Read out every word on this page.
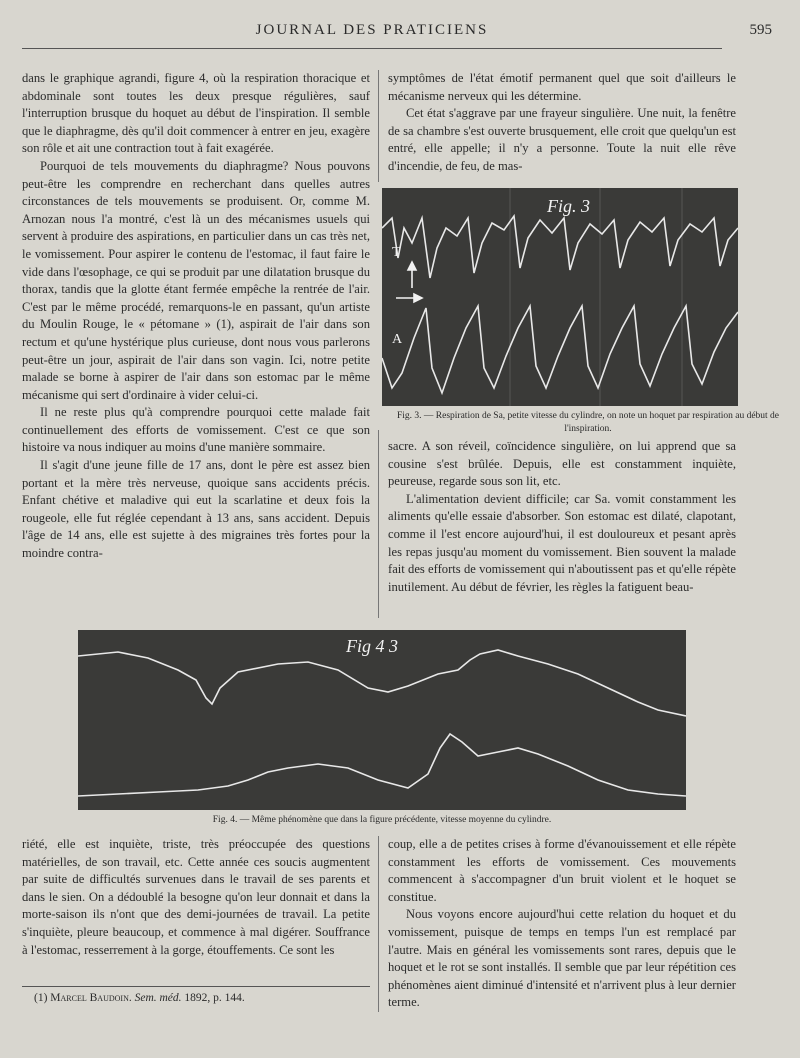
JOURNAL DES PRATICIENS	595

dans le graphique agrandi, figure 4, où la respiration thoracique et abdominale sont toutes les deux presque régulières, sauf l'interruption brusque du hoquet au début de l'inspiration. Il semble que le diaphragme, dès qu'il doit commencer à entrer en jeu, exagère son rôle et ait une contraction tout à fait exagérée.

Pourquoi de tels mouvements du diaphragme? Nous pouvons peut-être les comprendre en recherchant dans quelles autres circonstances de tels mouvements se produisent. Or, comme M. Arnozan nous l'a montré, c'est là un des mécanismes usuels qui servent à produire des aspirations, en particulier dans un cas très net, le vomissement. Pour aspirer le contenu de l'estomac, il faut faire le vide dans l'œsophage, ce qui se produit par une dilatation brusque du thorax, tandis que la glotte étant fermée empêche la rentrée de l'air. C'est par le même procédé, remarquons-le en passant, qu'un artiste du Moulin Rouge, le « pétomane » (1), aspirait de l'air dans son rectum et qu'une hystérique plus curieuse, dont nous vous parlerons peut-être un jour, aspirait de l'air dans son vagin. Ici, notre petite malade se borne à aspirer de l'air dans son estomac par le même mécanisme qui sert d'ordinaire à vider celui-ci.

Il ne reste plus qu'à comprendre pourquoi cette malade fait continuellement des efforts de vomissement. C'est ce que son histoire va nous indiquer au moins d'une manière sommaire.

Il s'agit d'une jeune fille de 17 ans, dont le père est assez bien portant et la mère très nerveuse, quoique sans accidents précis. Enfant chétive et maladive qui eut la scarlatine et deux fois la rougeole, elle fut réglée cependant à 13 ans, sans accident. Depuis l'âge de 14 ans, elle est sujette à des migraines très fortes pour la moindre contra-

symptômes de l'état émotif permanent quel que soit d'ailleurs le mécanisme nerveux qui les détermine.

Cet état s'aggrave par une frayeur singulière. Une nuit, la fenêtre de sa chambre s'est ouverte brusquement, elle croit que quelqu'un est entré, elle appelle; il n'y a personne. Toute la nuit elle rêve d'incendie, de feu, de mas-

Fig. 3
T
A
Fig. 3. — Respiration de Sa, petite vitesse du cylindre, on note un hoquet par respiration au début de l'inspiration.

sacre. A son réveil, coïncidence singulière, on lui apprend que sa cousine s'est brûlée. Depuis, elle est constamment inquiète, peureuse, regarde sous son lit, etc.

L'alimentation devient difficile; car Sa. vomit constamment les aliments qu'elle essaie d'absorber. Son estomac est dilaté, clapotant, comme il l'est encore aujourd'hui, il est douloureux et pesant après les repas jusqu'au moment du vomissement. Bien souvent la malade fait des efforts de vomissement qui n'aboutissent pas et qu'elle répète inutilement. Au début de février, les règles la fatiguent beau-

Fig 4 3
Fig. 4. — Même phénomène que dans la figure précédente, vitesse moyenne du cylindre.

riété, elle est inquiète, triste, très préoccupée des questions matérielles, de son travail, etc. Cette année ces soucis augmentent par suite de difficultés survenues dans le travail de ses parents et dans le sien. On a dédoublé la besogne qu'on leur donnait et dans la morte-saison ils n'ont que des demi-journées de travail. La petite s'inquiète, pleure beaucoup, et commence à mal digérer. Souffrance à l'estomac, resserrement à la gorge, étouffements. Ce sont les

coup, elle a de petites crises à forme d'évanouissement et elle répète constamment les efforts de vomissement. Ces mouvements commencent à s'accompagner d'un bruit violent et le hoquet se constitue.

Nous voyons encore aujourd'hui cette relation du hoquet et du vomissement, puisque de temps en temps l'un est remplacé par l'autre. Mais en général les vomissements sont rares, depuis que le hoquet et le rot se sont installés. Il semble que par leur répétition ces phénomènes aient diminué d'intensité et n'arrivent plus à leur dernier terme.

(1) Marcel Baudoin. Sem. méd. 1892, p. 144.
